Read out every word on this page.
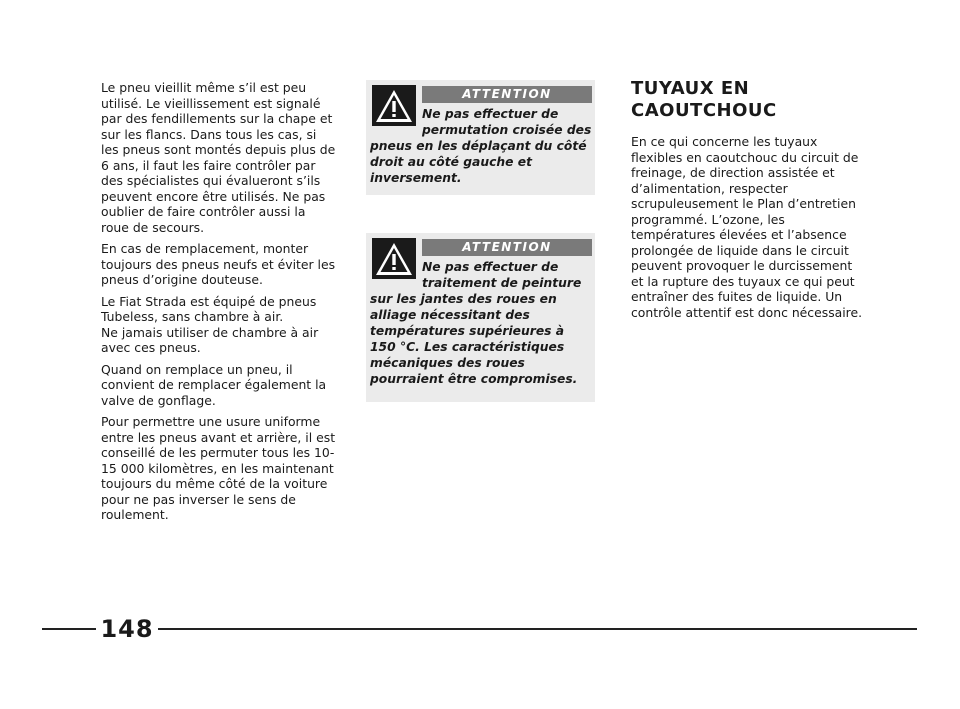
Le pneu vieillit même s’il est peu utilisé. Le vieillissement est signalé par des fendillements sur la chape et sur les flancs. Dans tous les cas, si les pneus sont montés depuis plus de 6 ans, il faut les faire contrôler par des spécialistes qui évalueront s’ils peuvent encore être utilisés. Ne pas oublier de faire contrôler aussi la roue de secours.

En cas de remplacement, monter toujours des pneus neufs et éviter les pneus d’origine douteuse.

Le Fiat Strada est équipé de pneus Tubeless, sans chambre à air.
Ne jamais utiliser de chambre à air avec ces pneus.

Quand on remplace un pneu, il convient de remplacer également la valve de gonflage.

Pour permettre une usure uniforme entre les pneus avant et arrière, il est conseillé de les permuter tous les 10-15 000 kilomètres, en les maintenant toujours du même côté de la voiture pour ne pas inverser le sens de roulement.

ATTENTION
Ne pas effectuer de permutation croisée des pneus en les déplaçant du côté droit au côté gauche et inversement.
ATTENTION
Ne pas effectuer de traitement de peinture sur les jantes des roues en alliage nécessitant des températures supérieures à 150 °C. Les caractéristiques mécaniques des roues pourraient être compromises.
TUYAUX EN CAOUTCHOUC

En ce qui concerne les tuyaux flexibles en caoutchouc du circuit de freinage, de direction assistée et d’alimentation, respecter scrupuleusement le Plan d’entretien programmé. L’ozone, les températures élevées et l’absence prolongée de liquide dans le circuit peuvent provoquer le durcissement et la rupture des tuyaux ce qui peut entraîner des fuites de liquide. Un contrôle attentif est donc nécessaire.

148
